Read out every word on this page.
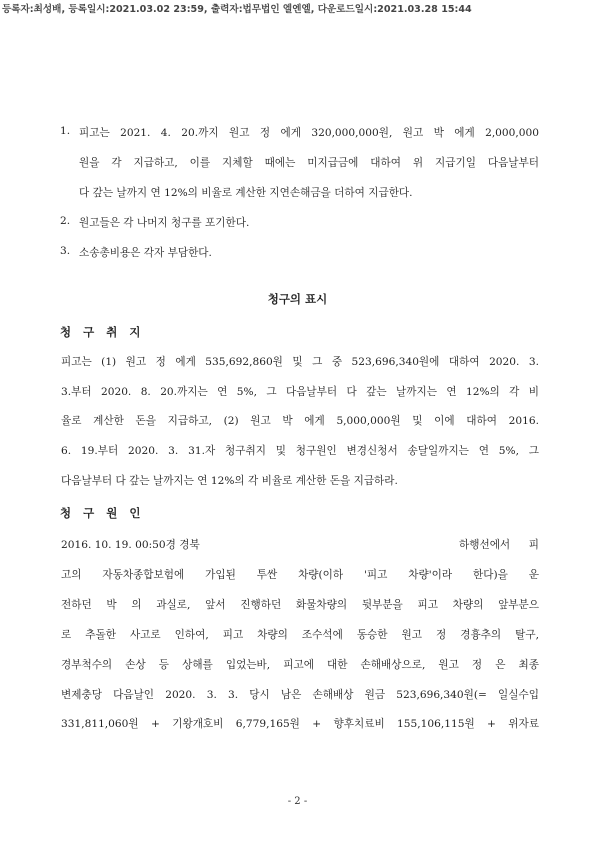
등록자:최성배, 등록일시:2021.03.02 23:59, 출력자:법무법인 엘엔엘, 다운로드일시:2021.03.28 15:44
1. 피고는 2021. 4. 20.까지 원고 정 에게 320,000,000원, 원고 박 에게 2,000,000
원을 각 지급하고, 이를 지체할 때에는 미지급금에 대하여 위 지급기일 다음날부터
다 갚는 날까지 연 12%의 비율로 계산한 지연손해금을 더하여 지급한다.
2. 원고들은 각 나머지 청구를 포기한다.
3. 소송총비용은 각자 부담한다.
청구의 표시
청 구 취 지
피고는 (1) 원고 정 에게 535,692,860원 및 그 중 523,696,340원에 대하여 2020. 3.
3.부터 2020. 8. 20.까지는 연 5%, 그 다음날부터 다 갚는 날까지는 연 12%의 각 비
율로 계산한 돈을 지급하고, (2) 원고 박 에게 5,000,000원 및 이에 대하여 2016.
6. 19.부터 2020. 3. 31.자 청구취지 및 청구원인 변경신청서 송달일까지는 연 5%, 그
다음날부터 다 갚는 날까지는 연 12%의 각 비율로 계산한 돈을 지급하라.
청 구 원 인
2016. 10. 19. 00:50경 경북	하행선에서 피
고의 자동차종합보험에 가입된 투싼 차량(이하 '피고 차량'이라 한다)을 운
전하던 박 의 과실로, 앞서 진행하던 화물차량의 뒷부분을 피고 차량의 앞부분으
로 추돌한 사고로 인하여, 피고 차량의 조수석에 동승한 원고 정 경흉추의 탈구,
경부척수의 손상 등 상해를 입었는바, 피고에 대한 손해배상으로, 원고 정 은 최종
변제충당 다음날인 2020. 3. 3. 당시 남은 손해배상 원금 523,696,340원(= 일실수입
331,811,060원 + 기왕개호비 6,779,165원 + 향후치료비 155,106,115원 + 위자료
- 2 -
